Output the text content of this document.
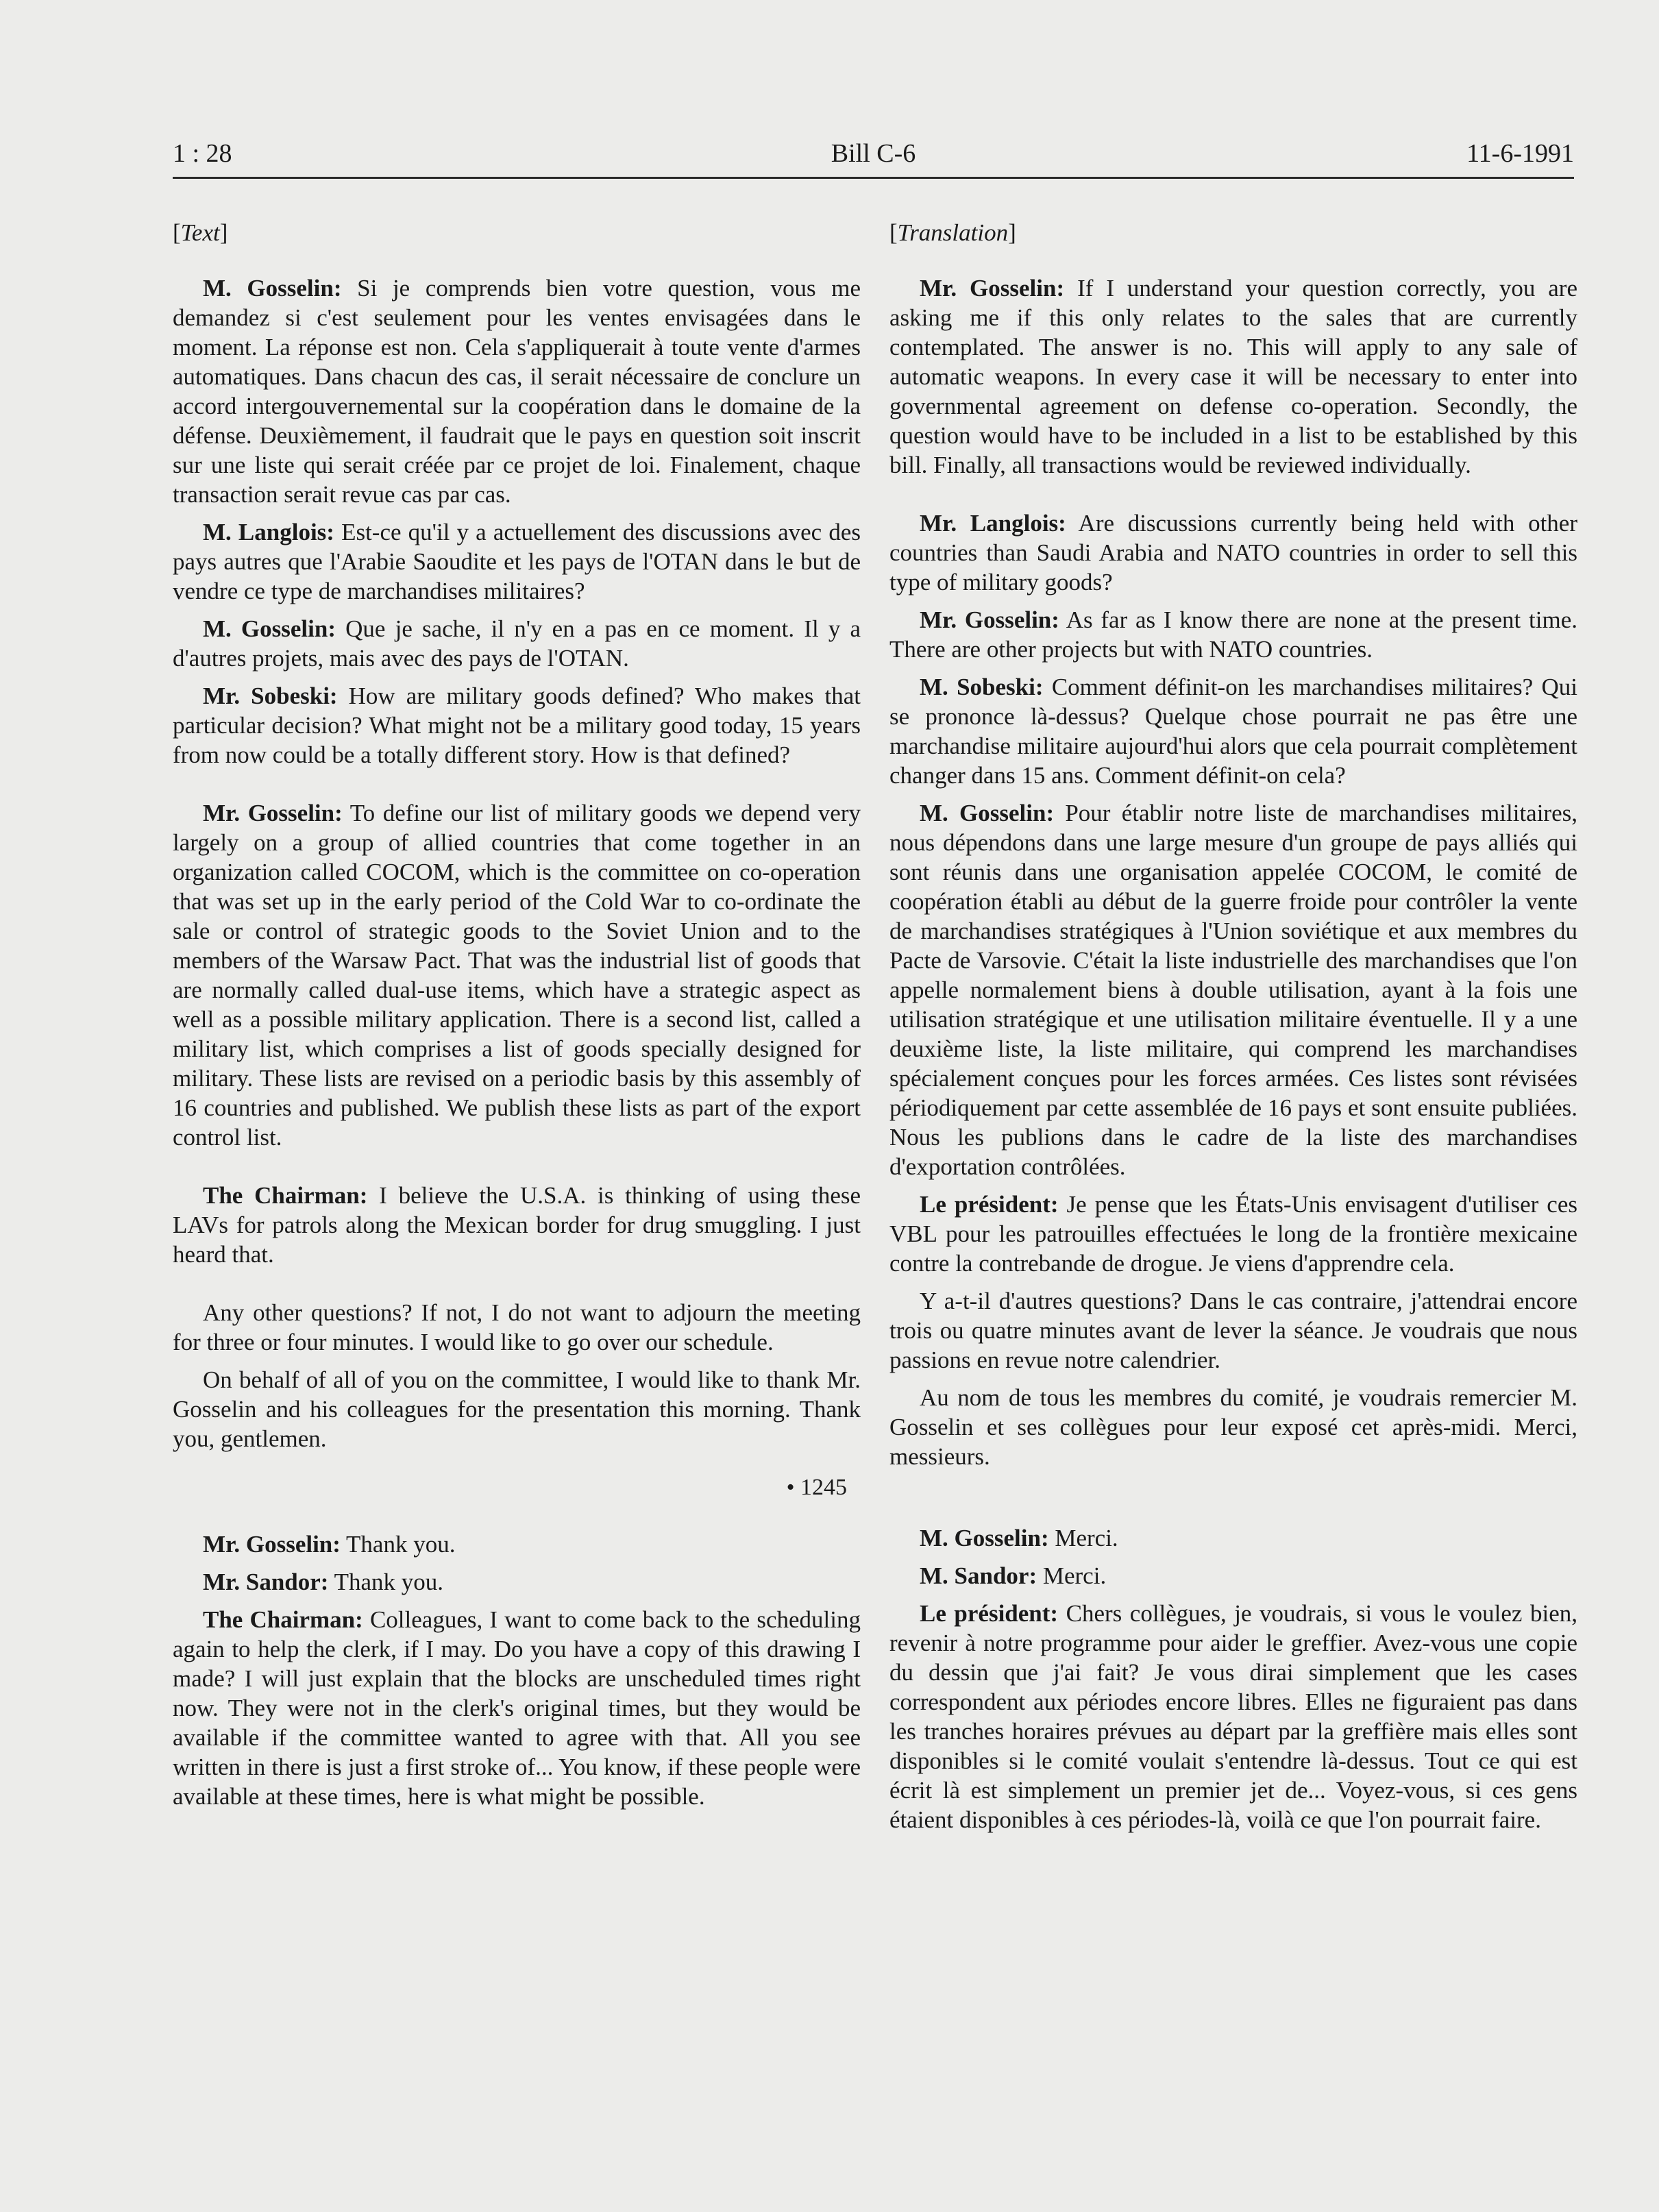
1 : 28	Bill C-6	11-6-1991
[ Text ]

M. Gosselin: Si je comprends bien votre question, vous me demandez si c'est seulement pour les ventes envisagées dans le moment. La réponse est non. Cela s'appliquerait à toute vente d'armes automatiques. Dans chacun des cas, il serait nécessaire de conclure un accord intergouvernemental sur la coopération dans le domaine de la défense. Deuxièmement, il faudrait que le pays en question soit inscrit sur une liste qui serait créée par ce projet de loi. Finalement, chaque transaction serait revue cas par cas.

M. Langlois: Est-ce qu'il y a actuellement des discussions avec des pays autres que l'Arabie Saoudite et les pays de l'OTAN dans le but de vendre ce type de marchandises militaires?

M. Gosselin: Que je sache, il n'y en a pas en ce moment. Il y a d'autres projets, mais avec des pays de l'OTAN.

Mr. Sobeski: How are military goods defined? Who makes that particular decision? What might not be a military good today, 15 years from now could be a totally different story. How is that defined?

Mr. Gosselin: To define our list of military goods we depend very largely on a group of allied countries that come together in an organization called COCOM, which is the committee on co-operation that was set up in the early period of the Cold War to co-ordinate the sale or control of strategic goods to the Soviet Union and to the members of the Warsaw Pact. That was the industrial list of goods that are normally called dual-use items, which have a strategic aspect as well as a possible military application. There is a second list, called a military list, which comprises a list of goods specially designed for military. These lists are revised on a periodic basis by this assembly of 16 countries and published. We publish these lists as part of the export control list.

The Chairman: I believe the U.S.A. is thinking of using these LAVs for patrols along the Mexican border for drug smuggling. I just heard that.

Any other questions? If not, I do not want to adjourn the meeting for three or four minutes. I would like to go over our schedule.

On behalf of all of you on the committee, I would like to thank Mr. Gosselin and his colleagues for the presentation this morning. Thank you, gentlemen.

• 1245

Mr. Gosselin: Thank you.

Mr. Sandor: Thank you.

The Chairman: Colleagues, I want to come back to the scheduling again to help the clerk, if I may. Do you have a copy of this drawing I made? I will just explain that the blocks are unscheduled times right now. They were not in the clerk's original times, but they would be available if the committee wanted to agree with that. All you see written in there is just a first stroke of... You know, if these people were available at these times, here is what might be possible.

[ Translation ]

Mr. Gosselin: If I understand your question correctly, you are asking me if this only relates to the sales that are currently contemplated. The answer is no. This will apply to any sale of automatic weapons. In every case it will be necessary to enter into governmental agreement on defense co-operation. Secondly, the question would have to be included in a list to be established by this bill. Finally, all transactions would be reviewed individually.

Mr. Langlois: Are discussions currently being held with other countries than Saudi Arabia and NATO countries in order to sell this type of military goods?

Mr. Gosselin: As far as I know there are none at the present time. There are other projects but with NATO countries.

M. Sobeski: Comment définit-on les marchandises militaires? Qui se prononce là-dessus? Quelque chose pourrait ne pas être une marchandise militaire aujourd'hui alors que cela pourrait complètement changer dans 15 ans. Comment définit-on cela?

M. Gosselin: Pour établir notre liste de marchandises militaires, nous dépendons dans une large mesure d'un groupe de pays alliés qui sont réunis dans une organisation appelée COCOM, le comité de coopération établi au début de la guerre froide pour contrôler la vente de marchandises stratégiques à l'Union soviétique et aux membres du Pacte de Varsovie. C'était la liste industrielle des marchandises que l'on appelle normalement biens à double utilisation, ayant à la fois une utilisation stratégique et une utilisation militaire éventuelle. Il y a une deuxième liste, la liste militaire, qui comprend les marchandises spécialement conçues pour les forces armées. Ces listes sont révisées périodiquement par cette assemblée de 16 pays et sont ensuite publiées. Nous les publions dans le cadre de la liste des marchandises d'exportation contrôlées.

Le président: Je pense que les États-Unis envisagent d'utiliser ces VBL pour les patrouilles effectuées le long de la frontière mexicaine contre la contrebande de drogue. Je viens d'apprendre cela.

Y a-t-il d'autres questions? Dans le cas contraire, j'attendrai encore trois ou quatre minutes avant de lever la séance. Je voudrais que nous passions en revue notre calendrier.

Au nom de tous les membres du comité, je voudrais remercier M. Gosselin et ses collègues pour leur exposé cet après-midi. Merci, messieurs.

M. Gosselin: Merci.

M. Sandor: Merci.

Le président: Chers collègues, je voudrais, si vous le voulez bien, revenir à notre programme pour aider le greffier. Avez-vous une copie du dessin que j'ai fait? Je vous dirai simplement que les cases correspondent aux périodes encore libres. Elles ne figuraient pas dans les tranches horaires prévues au départ par la greffière mais elles sont disponibles si le comité voulait s'entendre là-dessus. Tout ce qui est écrit là est simplement un premier jet de... Voyez-vous, si ces gens étaient disponibles à ces périodes-là, voilà ce que l'on pourrait faire.
